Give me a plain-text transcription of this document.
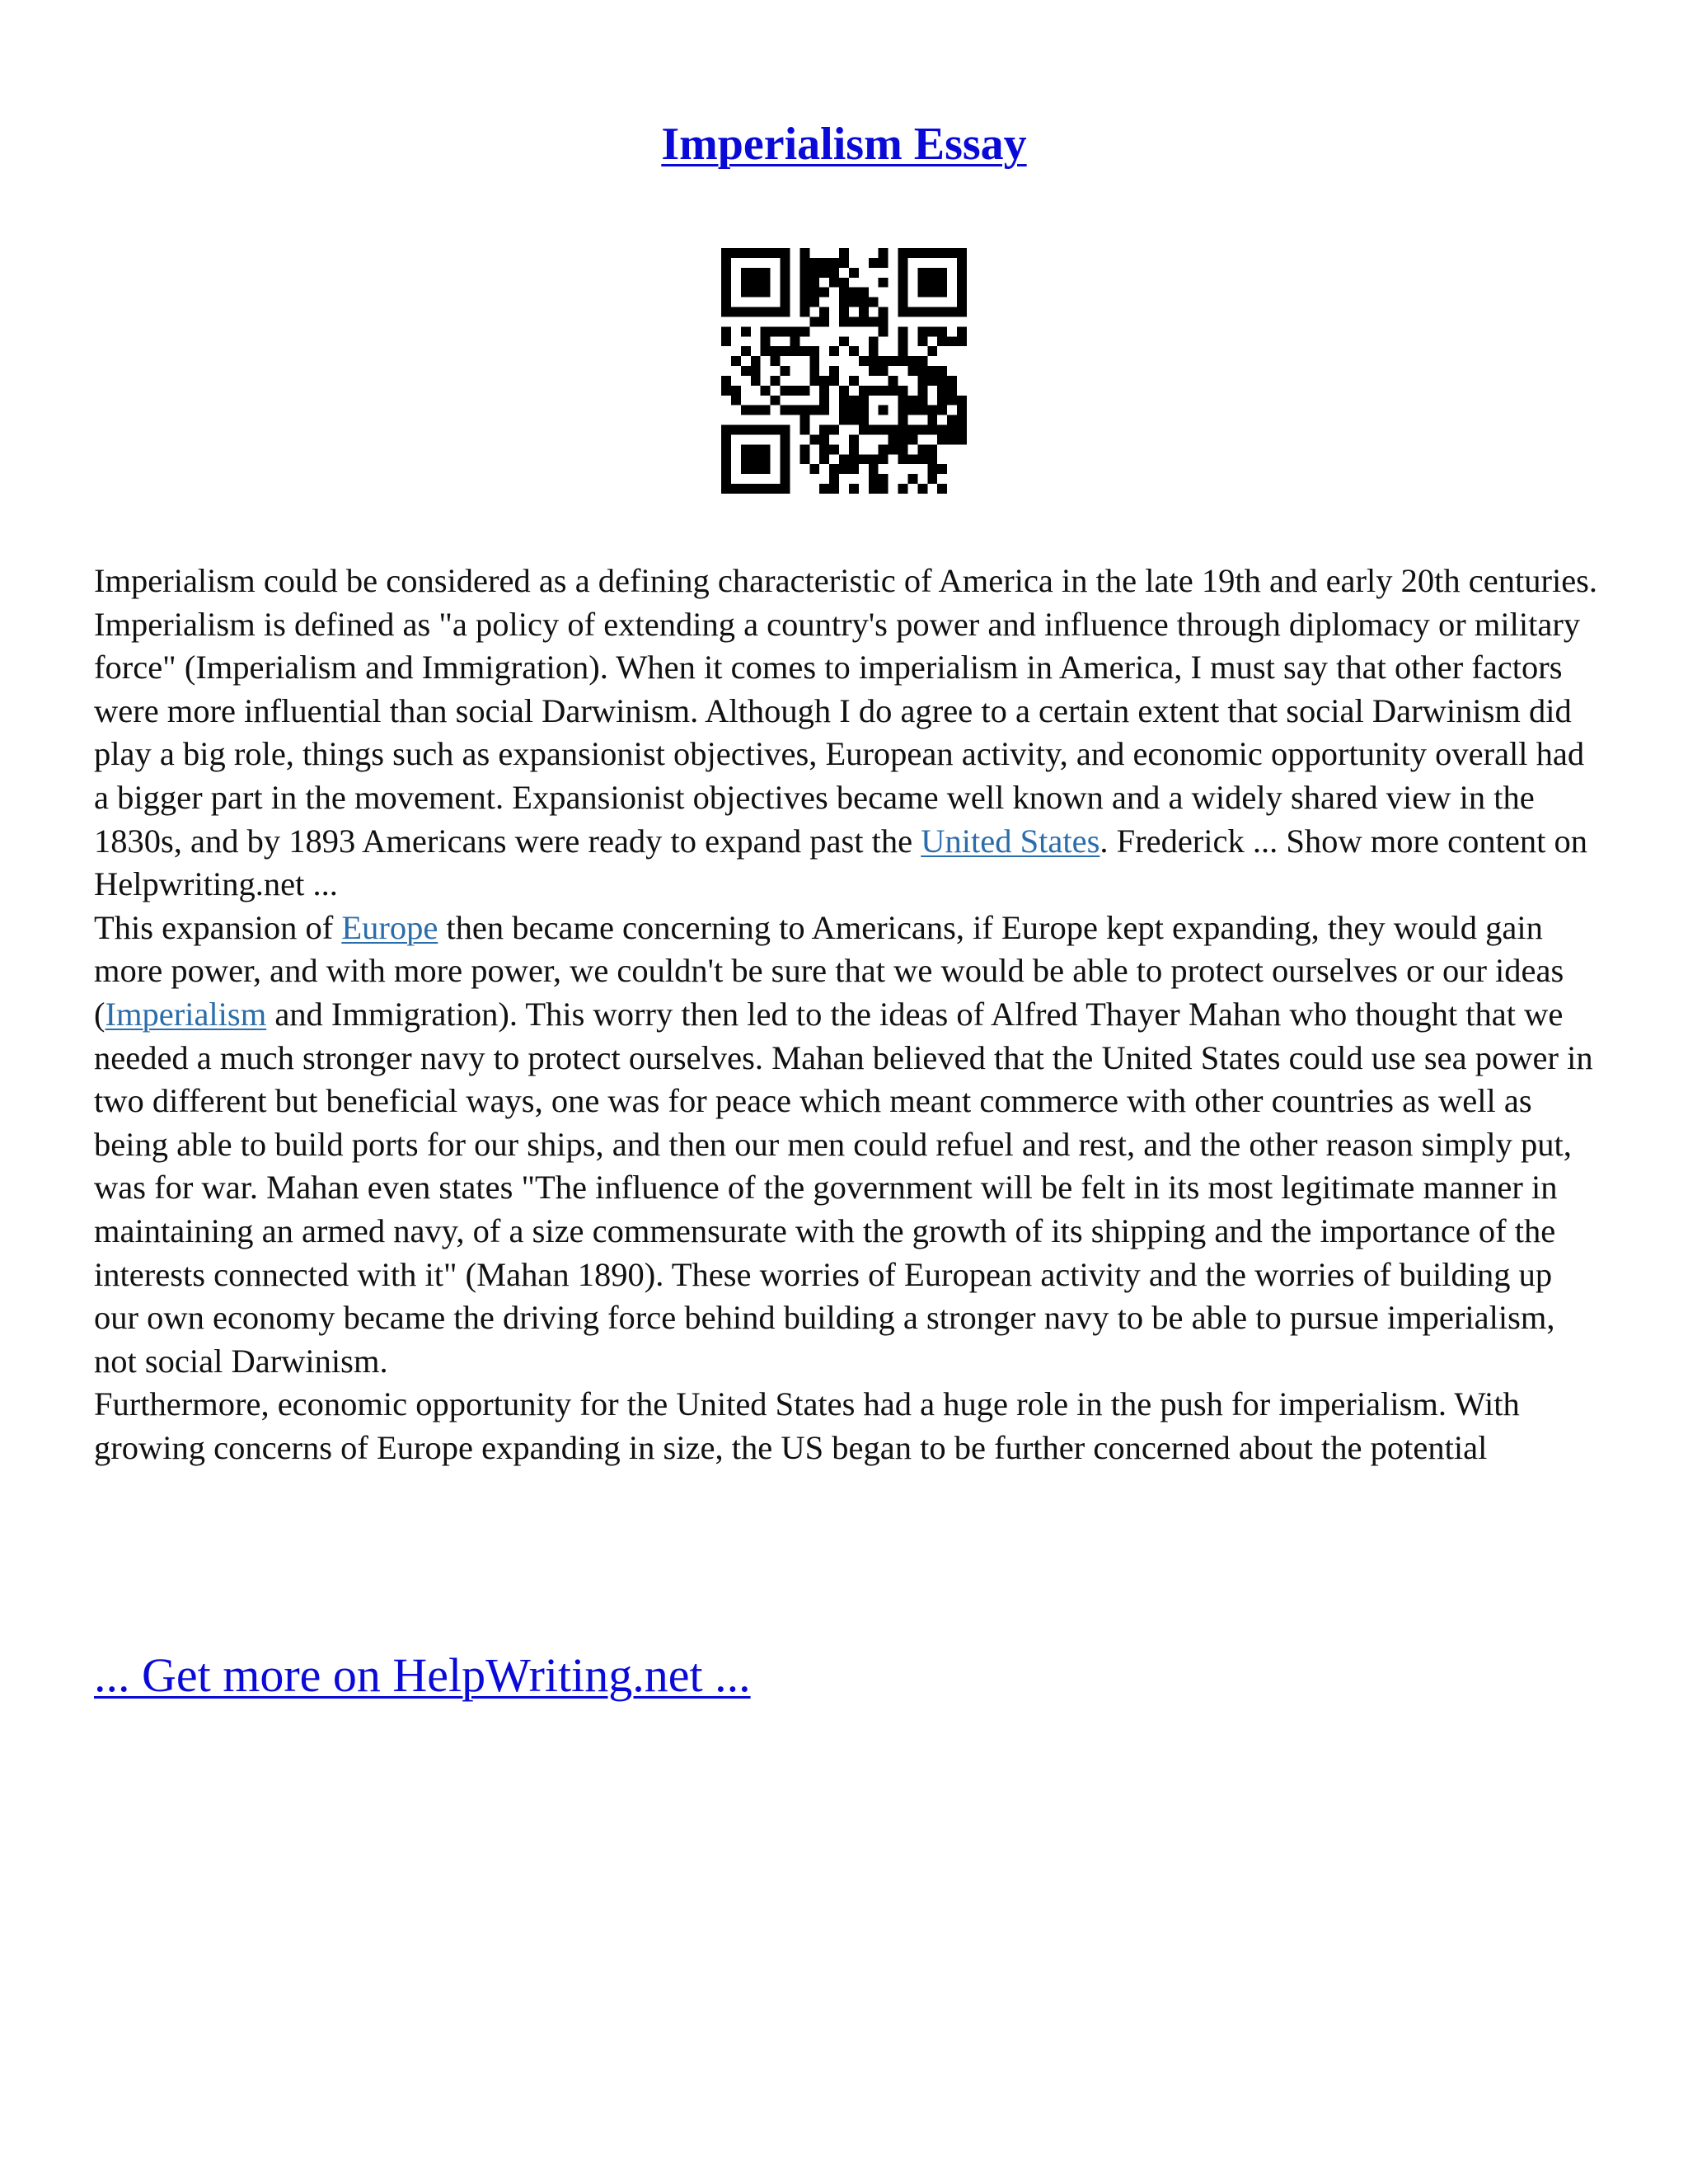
Imperialism Essay

Imperialism could be considered as a defining characteristic of America in the late 19th and early 20th centuries. Imperialism is defined as "a policy of extending a country's power and influence through diplomacy or military force" (Imperialism and Immigration). When it comes to imperialism in America, I must say that other factors were more influential than social Darwinism. Although I do agree to a certain extent that social Darwinism did play a big role, things such as expansionist objectives, European activity, and economic opportunity overall had a bigger part in the movement. Expansionist objectives became well known and a widely shared view in the 1830s, and by 1893 Americans were ready to expand past the United States. Frederick ... Show more content on Helpwriting.net ...

This expansion of Europe then became concerning to Americans, if Europe kept expanding, they would gain more power, and with more power, we couldn't be sure that we would be able to protect ourselves or our ideas (Imperialism and Immigration). This worry then led to the ideas of Alfred Thayer Mahan who thought that we needed a much stronger navy to protect ourselves. Mahan believed that the United States could use sea power in two different but beneficial ways, one was for peace which meant commerce with other countries as well as being able to build ports for our ships, and then our men could refuel and rest, and the other reason simply put, was for war. Mahan even states "The influence of the government will be felt in its most legitimate manner in maintaining an armed navy, of a size commensurate with the growth of its shipping and the importance of the interests connected with it" (Mahan 1890). These worries of European activity and the worries of building up our own economy became the driving force behind building a stronger navy to be able to pursue imperialism, not social Darwinism.

Furthermore, economic opportunity for the United States had a huge role in the push for imperialism. With growing concerns of Europe expanding in size, the US began to be further concerned about the potential

... Get more on HelpWriting.net ...
